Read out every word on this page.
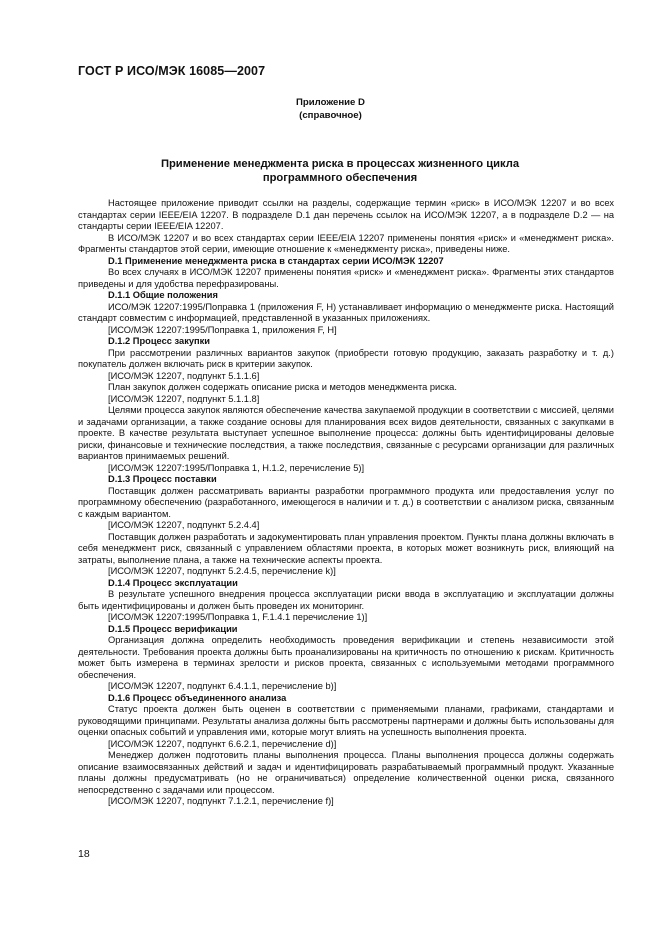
ГОСТ Р ИСО/МЭК 16085—2007
Приложение D
(справочное)
Применение менеджмента риска в процессах жизненного цикла
программного обеспечения

Настоящее приложение приводит ссылки на разделы, содержащие термин «риск» в ИСО/МЭК 12207 и во всех стандартах серии IEEE/EIA 12207. В подразделе D.1 дан перечень ссылок на ИСО/МЭК 12207, а в подразделе D.2 — на стандарты серии IEEE/EIA 12207.

В ИСО/МЭК 12207 и во всех стандартах серии IEEE/EIA 12207 применены понятия «риск» и «менеджмент риска». Фрагменты стандартов этой серии, имеющие отношение к «менеджменту риска», приведены ниже.

D.1 Применение менеджмента риска в стандартах серии ИСО/МЭК 12207

Во всех случаях в ИСО/МЭК 12207 применены понятия «риск» и «менеджмент риска». Фрагменты этих стандартов приведены и для удобства перефразированы.

D.1.1 Общие положения

ИСО/МЭК 12207:1995/Поправка 1 (приложения F, H) устанавливает информацию о менеджменте риска. Настоящий стандарт совместим с информацией, представленной в указанных приложениях.

[ИСО/МЭК 12207:1995/Поправка 1, приложения F, H]

D.1.2 Процесс закупки

При рассмотрении различных вариантов закупок (приобрести готовую продукцию, заказать разработку и т. д.) покупатель должен включать риск в критерии закупок.

[ИСО/МЭК 12207, подпункт 5.1.1.6]

План закупок должен содержать описание риска и методов менеджмента риска.

[ИСО/МЭК 12207, подпункт 5.1.1.8]

Целями процесса закупок являются обеспечение качества закупаемой продукции в соответствии с миссией, целями и задачами организации, а также создание основы для планирования всех видов деятельности, связанных с закупками в проекте. В качестве результата выступает успешное выполнение процесса: должны быть идентифицированы деловые риски, финансовые и технические последствия, а также последствия, связанные с ресурсами организации для различных вариантов принимаемых решений.

[ИСО/МЭК 12207:1995/Поправка 1, Н.1.2, перечисление 5)]

D.1.3 Процесс поставки

Поставщик должен рассматривать варианты разработки программного продукта или предоставления услуг по программному обеспечению (разработанного, имеющегося в наличии и т. д.) в соответствии с анализом риска, связанным с каждым вариантом.

[ИСО/МЭК 12207, подпункт 5.2.4.4]

Поставщик должен разработать и задокументировать план управления проектом. Пункты плана должны включать в себя менеджмент риск, связанный с управлением областями проекта, в которых может возникнуть риск, влияющий на затраты, выполнение плана, а также на технические аспекты проекта.

[ИСО/МЭК 12207, подпункт 5.2.4.5, перечисление k)]

D.1.4 Процесс эксплуатации

В результате успешного внедрения процесса эксплуатации риски ввода в эксплуатацию и эксплуатации должны быть идентифицированы и должен быть проведен их мониторинг.

[ИСО/МЭК 12207:1995/Поправка 1, F.1.4.1 перечисление 1)]

D.1.5 Процесс верификации

Организация должна определить необходимость проведения верификации и степень независимости этой деятельности. Требования проекта должны быть проанализированы на критичность по отношению к рискам. Критичность может быть измерена в терминах зрелости и рисков проекта, связанных с используемыми методами программного обеспечения.

[ИСО/МЭК 12207, подпункт 6.4.1.1, перечисление b)]

D.1.6 Процесс объединенного анализа

Статус проекта должен быть оценен в соответствии с применяемыми планами, графиками, стандартами и руководящими принципами. Результаты анализа должны быть рассмотрены партнерами и должны быть использованы для оценки опасных событий и управления ими, которые могут влиять на успешность выполнения проекта.

[ИСО/МЭК 12207, подпункт 6.6.2.1, перечисление d)]

Менеджер должен подготовить планы выполнения процесса. Планы выполнения процесса должны содержать описание взаимосвязанных действий и задач и идентифицировать разрабатываемый программный продукт. Указанные планы должны предусматривать (но не ограничиваться) определение количественной оценки риска, связанного непосредственно с задачами или процессом.

[ИСО/МЭК 12207, подпункт 7.1.2.1, перечисление f)]

18
